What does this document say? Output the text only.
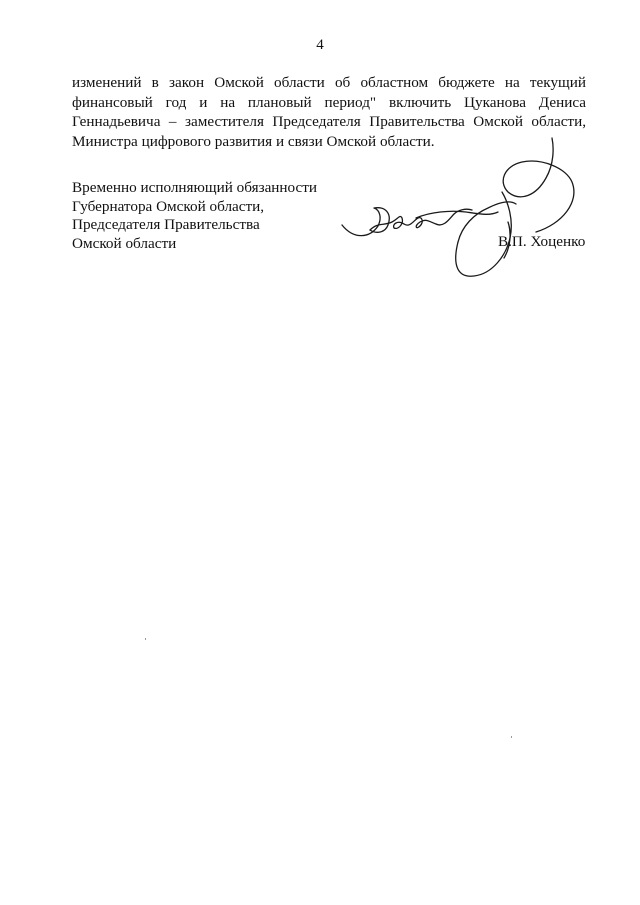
4
изменений в закон Омской области об областном бюджете на текущий
финансовый год и на плановый период" включить Цуканова Дениса
Геннадьевича – заместителя Председателя Правительства Омской области,
Министра цифрового развития и связи Омской области.
Временно исполняющий обязанности
Губернатора Омской области,
Председателя Правительства
Омской области	В.П. Хоценко
